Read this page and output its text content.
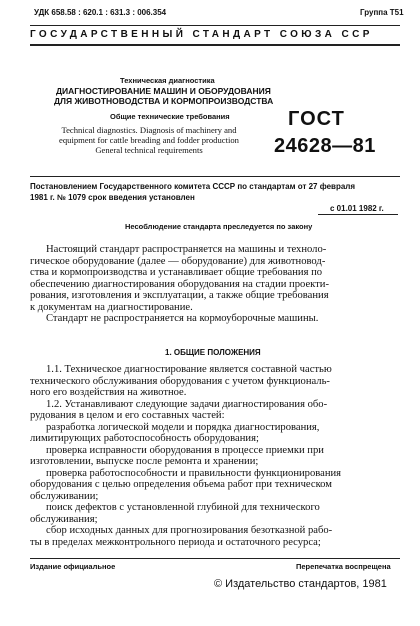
УДК 658.58 : 620.1 : 631.3 : 006.354	Группа Т51
ГОСУДАРСТВЕННЫЙ СТАНДАРТ СОЮЗА ССР
Техническая диагностика
ДИАГНОСТИРОВАНИЕ МАШИН И ОБОРУДОВАНИЯ
ДЛЯ ЖИВОТНОВОДСТВА И КОРМОПРОИЗВОДСТВА
Общие технические требования
Technical diagnostics. Diagnosis of machinery and
equipment for cattle breading and fodder production
General technical requirements
ГОСТ
24628—81
Постановлением Государственного комитета СССР по стандартам от 27 февраля
1981 г. № 1079 срок введения установлен
с 01.01 1982 г.
Несоблюдение стандарта преследуется по закону
Настоящий стандарт распространяется на машины и техноло-
гическое оборудование (далее — оборудование) для животновод-
ства и кормопроизводства и устанавливает общие требования по
обеспечению диагностирования оборудования на стадии проекти-
рования, изготовления и эксплуатации, а также общие требования
к документам на диагностирование.
Стандарт не распространяется на кормоуборочные машины.
1. ОБЩИЕ ПОЛОЖЕНИЯ
1.1. Техническое диагностирование является составной частью
технического обслуживания оборудования с учетом функциональ-
ного его воздействия на животное.
1.2. Устанавливают следующие задачи диагностирования обо-
рудования в целом и его составных частей:
разработка логической модели и порядка диагностирования,
лимитирующих работоспособность оборудования;
проверка исправности оборудования в процессе приемки при
изготовлении, выпуске после ремонта и хранении;
проверка работоспособности и правильности функционирования
оборудования с целью определения объема работ при техническом
обслуживании;
поиск дефектов с установленной глубиной для технического
обслуживания;
сбор исходных данных для прогнозирования безотказной рабо-
ты в пределах межконтрольного периода и остаточного ресурса;
Издание официальное	Перепечатка воспрещена
© Издательство стандартов, 1981
